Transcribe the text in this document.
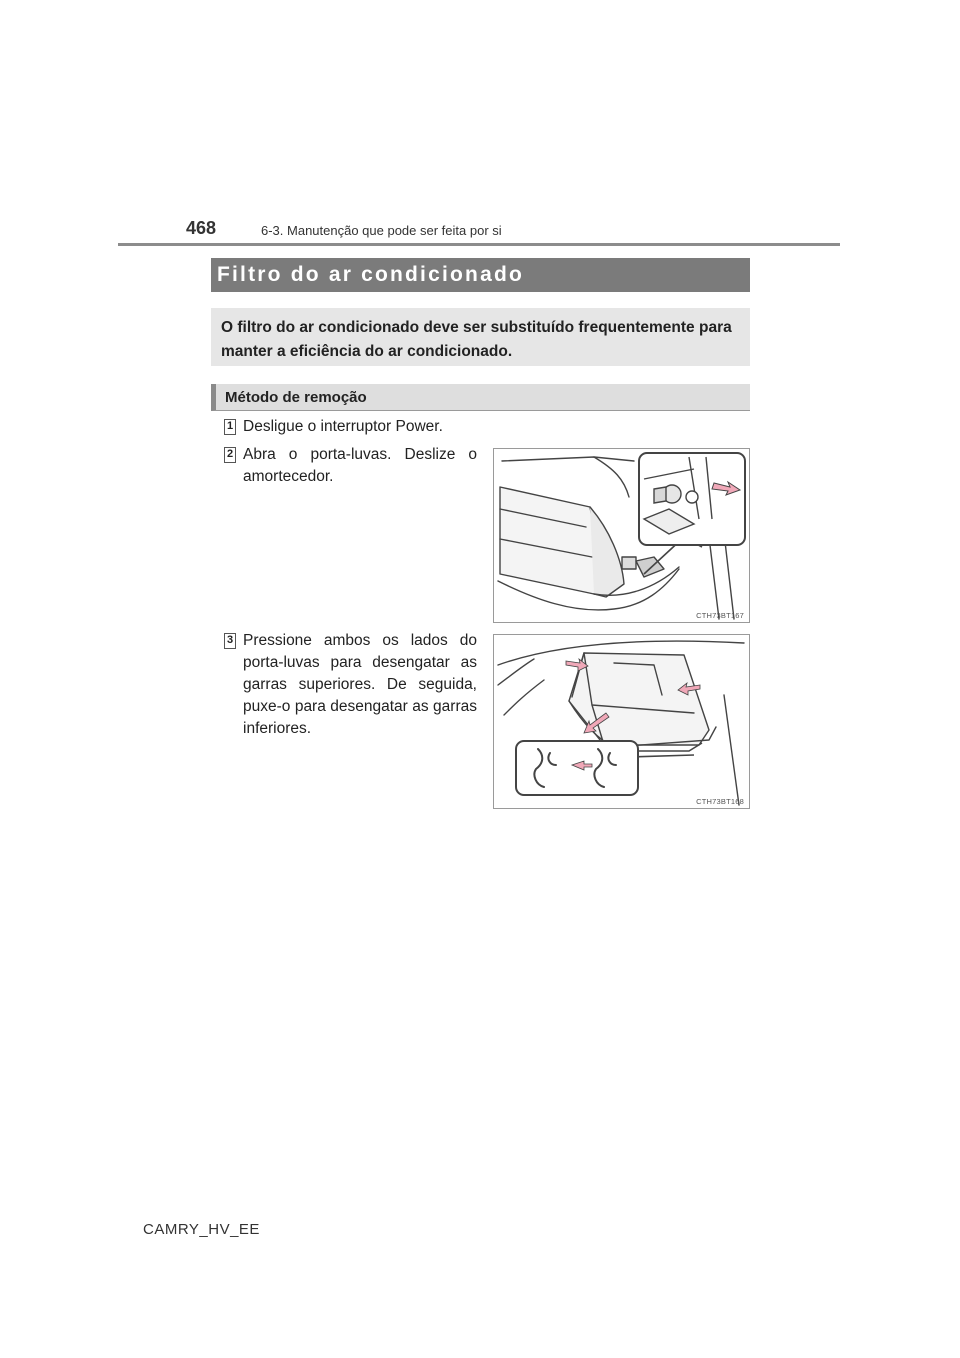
468	6-3. Manutenção que pode ser feita por si
Filtro do ar condicionado
O filtro do ar condicionado deve ser substituído frequentemente para manter a eficiência do ar condicionado.
Método de remoção
1 Desligue o interruptor Power.
2 Abra o porta-luvas. Deslize o amortecedor.
CTH73BT167
3 Pressione ambos os lados do porta-luvas para desengatar as garras superiores. De seguida, puxe-o para desengatar as garras inferiores.
CTH73BT168
CAMRY_HV_EE
